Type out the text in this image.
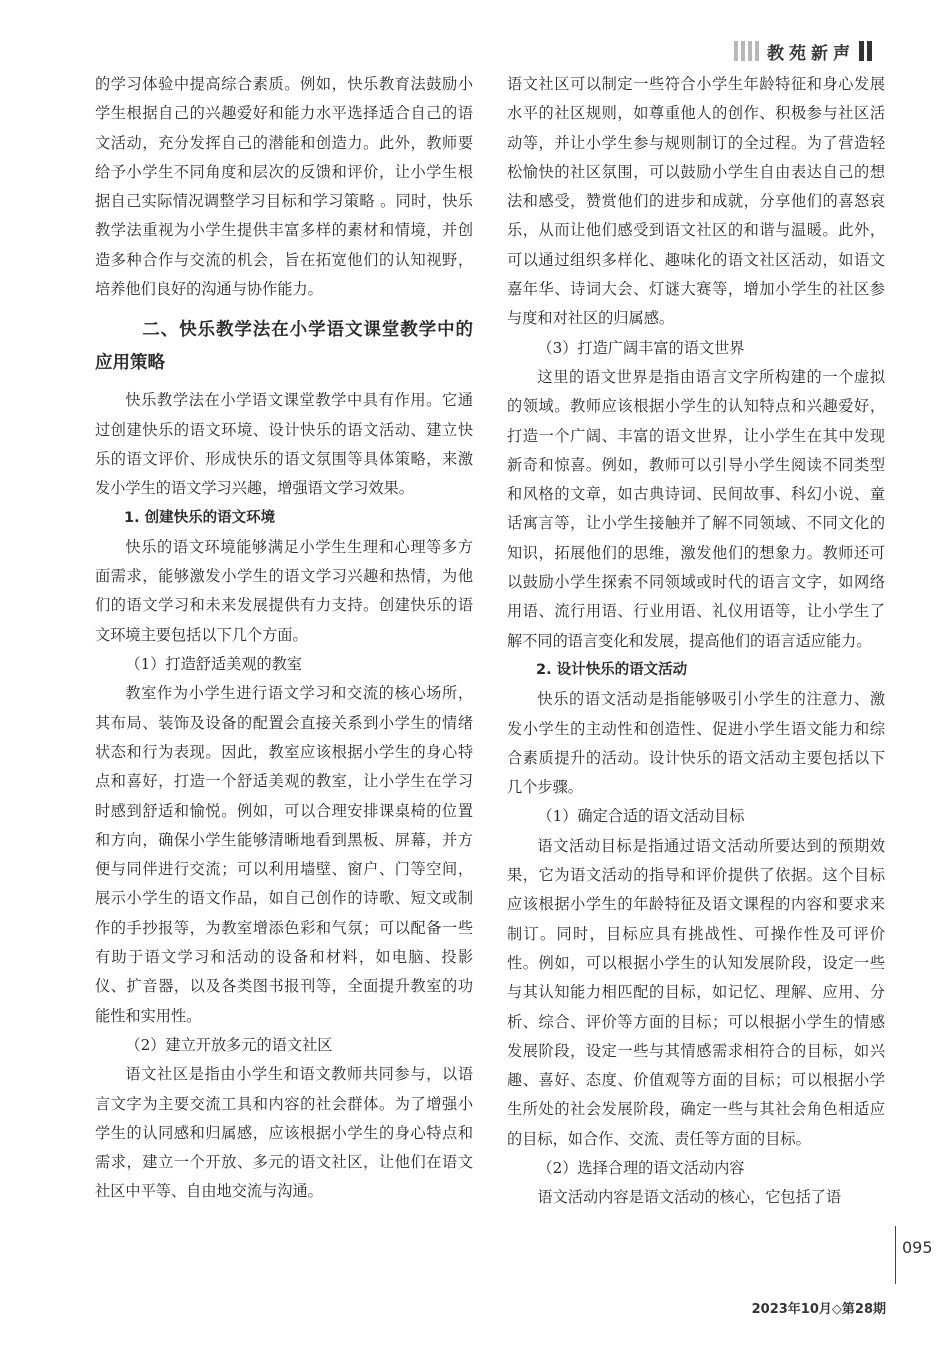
教苑新声

的学习体验中提高综合素质。例如，快乐教育法鼓励小学生根据自己的兴趣爱好和能力水平选择适合自己的语文活动，充分发挥自己的潜能和创造力。此外，教师要给予小学生不同角度和层次的反馈和评价，让小学生根据自己实际情况调整学习目标和学习策略 。同时，快乐教学法重视为小学生提供丰富多样的素材和情境，并创造多种合作与交流的机会，旨在拓宽他们的认知视野，培养他们良好的沟通与协作能力。

二、快乐教学法在小学语文课堂教学中的应用策略

快乐教学法在小学语文课堂教学中具有作用。它通过创建快乐的语文环境、设计快乐的语文活动、建立快乐的语文评价、形成快乐的语文氛围等具体策略，来激发小学生的语文学习兴趣，增强语文学习效果。

1. 创建快乐的语文环境

快乐的语文环境能够满足小学生生理和心理等多方面需求，能够激发小学生的语文学习兴趣和热情，为他们的语文学习和未来发展提供有力支持。创建快乐的语文环境主要包括以下几个方面。

（1）打造舒适美观的教室

教室作为小学生进行语文学习和交流的核心场所，其布局、装饰及设备的配置会直接关系到小学生的情绪状态和行为表现。因此，教室应该根据小学生的身心特点和喜好，打造一个舒适美观的教室，让小学生在学习时感到舒适和愉悦。例如，可以合理安排课桌椅的位置和方向，确保小学生能够清晰地看到黑板、屏幕，并方便与同伴进行交流；可以利用墙壁、窗户、门等空间，展示小学生的语文作品，如自己创作的诗歌、短文或制作的手抄报等，为教室增添色彩和气氛；可以配备一些有助于语文学习和活动的设备和材料，如电脑、投影仪、扩音器，以及各类图书报刊等，全面提升教室的功能性和实用性。

（2）建立开放多元的语文社区

语文社区是指由小学生和语文教师共同参与，以语言文字为主要交流工具和内容的社会群体。为了增强小学生的认同感和归属感，应该根据小学生的身心特点和需求，建立一个开放、多元的语文社区，让他们在语文社区中平等、自由地交流与沟通。

语文社区可以制定一些符合小学生年龄特征和身心发展水平的社区规则，如尊重他人的创作、积极参与社区活动等，并让小学生参与规则制订的全过程。为了营造轻松愉快的社区氛围，可以鼓励小学生自由表达自己的想法和感受，赞赏他们的进步和成就，分享他们的喜怒哀乐，从而让他们感受到语文社区的和谐与温暖。此外，可以通过组织多样化、趣味化的语文社区活动，如语文嘉年华、诗词大会、灯谜大赛等，增加小学生的社区参与度和对社区的归属感。

（3）打造广阔丰富的语文世界

这里的语文世界是指由语言文字所构建的一个虚拟的领域。教师应该根据小学生的认知特点和兴趣爱好，打造一个广阔、丰富的语文世界，让小学生在其中发现新奇和惊喜。例如，教师可以引导小学生阅读不同类型和风格的文章，如古典诗词、民间故事、科幻小说、童话寓言等，让小学生接触并了解不同领域、不同文化的知识，拓展他们的思维，激发他们的想象力。教师还可以鼓励小学生探索不同领域或时代的语言文字，如网络用语、流行用语、行业用语、礼仪用语等，让小学生了解不同的语言变化和发展，提高他们的语言适应能力。

2. 设计快乐的语文活动

快乐的语文活动是指能够吸引小学生的注意力、激发小学生的主动性和创造性、促进小学生语文能力和综合素质提升的活动。设计快乐的语文活动主要包括以下几个步骤。

（1）确定合适的语文活动目标

语文活动目标是指通过语文活动所要达到的预期效果，它为语文活动的指导和评价提供了依据。这个目标应该根据小学生的年龄特征及语文课程的内容和要求来制订。同时，目标应具有挑战性、可操作性及可评价性。例如，可以根据小学生的认知发展阶段，设定一些与其认知能力相匹配的目标，如记忆、理解、应用、分析、综合、评价等方面的目标；可以根据小学生的情感发展阶段，设定一些与其情感需求相符合的目标，如兴趣、喜好、态度、价值观等方面的目标；可以根据小学生所处的社会发展阶段，确定一些与其社会角色相适应的目标，如合作、交流、责任等方面的目标。

（2）选择合理的语文活动内容

语文活动内容是语文活动的核心，它包括了语

095
2023年10月◇第28期
